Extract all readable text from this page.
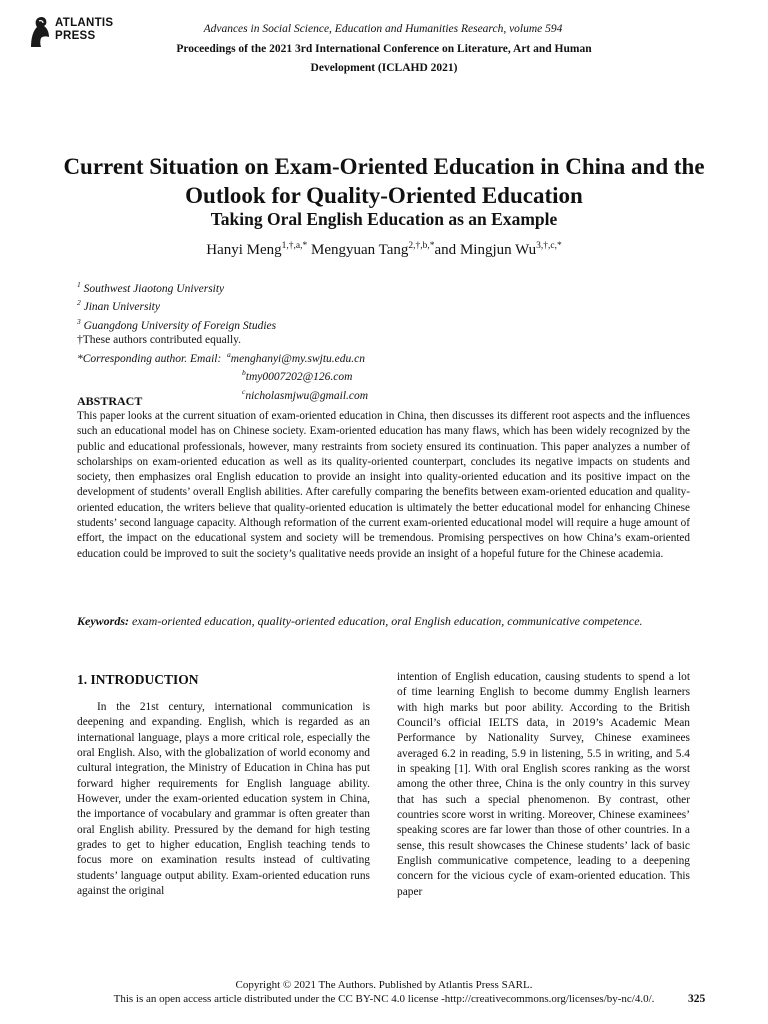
ATLANTIS
PRESS
Advances in Social Science, Education and Humanities Research, volume 594
Proceedings of the 2021 3rd International Conference on Literature, Art and Human Development (ICLAHD 2021)
Current Situation on Exam-Oriented Education in China and the Outlook for Quality-Oriented Education
Taking Oral English Education as an Example
Hanyi Meng$^{1,\dagger,a,*}$ Mengyuan Tang$^{2,\dagger,b,*}$and Mingjun $Wu^{3,\dagger,c,*}$
$^1$ Southwest Jiaotong University
$^2$ Jinan University
$^3$ Guangdong University of Foreign Studies
†These authors contributed equally.
*Corresponding author. Email: $^a$menghanyi@my.swjtu.edu.cn
$^b$tmy0007202@126.com
$^c$nicholasmjwu@gmail.com
ABSTRACT

This paper looks at the current situation of exam-oriented education in China, then discusses its different root aspects and the influences such an educational model has on Chinese society. Exam-oriented education has many flaws, which has been widely recognized by the public and educational professionals, however, many restraints from society ensured its continuation. This paper analyzes a number of scholarships on exam-oriented education as well as its quality-oriented counterpart, concludes its negative impacts on students and society, then emphasizes oral English education to provide an insight into quality-oriented education and its positive impact on the development of students’ overall English abilities. After carefully comparing the benefits between exam-oriented education and quality-oriented education, the writers believe that quality-oriented education is ultimately the better educational model for enhancing Chinese students’ second language capacity. Although reformation of the current exam-oriented educational model will require a huge amount of effort, the impact on the educational system and society will be tremendous. Promising perspectives on how China’s exam-oriented education could be improved to suit the society’s qualitative needs provide an insight of a hopeful future for the Chinese academia.

Keywords: exam-oriented education, quality-oriented education, oral English education, communicative competence.
1. INTRODUCTION

In the 21st century, international communication is deepening and expanding. English, which is regarded as an international language, plays a more critical role, especially the oral English. Also, with the globalization of world economy and cultural integration, the Ministry of Education in China has put forward higher requirements for English language ability. However, under the exam-oriented education system in China, the importance of vocabulary and grammar is often greater than oral English ability. Pressured by the demand for high testing grades to get to higher education, English teaching tends to focus more on examination results instead of cultivating students’ language output ability. Exam-oriented education runs against the original

intention of English education, causing students to spend a lot of time learning English to become dummy English learners with high marks but poor ability. According to the British Council’s official IELTS data, in 2019’s Academic Mean Performance by Nationality Survey, Chinese examinees averaged 6.2 in reading, 5.9 in listening, 5.5 in writing, and 5.4 in speaking [1]. With oral English scores ranking as the worst among the other three, China is the only country in this survey that has such a special phenomenon. By contrast, other countries score worst in writing. Moreover, Chinese examinees’ speaking scores are far lower than those of other countries. In a sense, this result showcases the Chinese students’ lack of basic English communicative competence, leading to a deepening concern for the vicious cycle of exam-oriented education. This paper

Copyright © 2021 The Authors. Published by Atlantis Press SARL.
This is an open access article distributed under the CC BY-NC 4.0 license -http://creativecommons.org/licenses/by-nc/4.0/.	325
